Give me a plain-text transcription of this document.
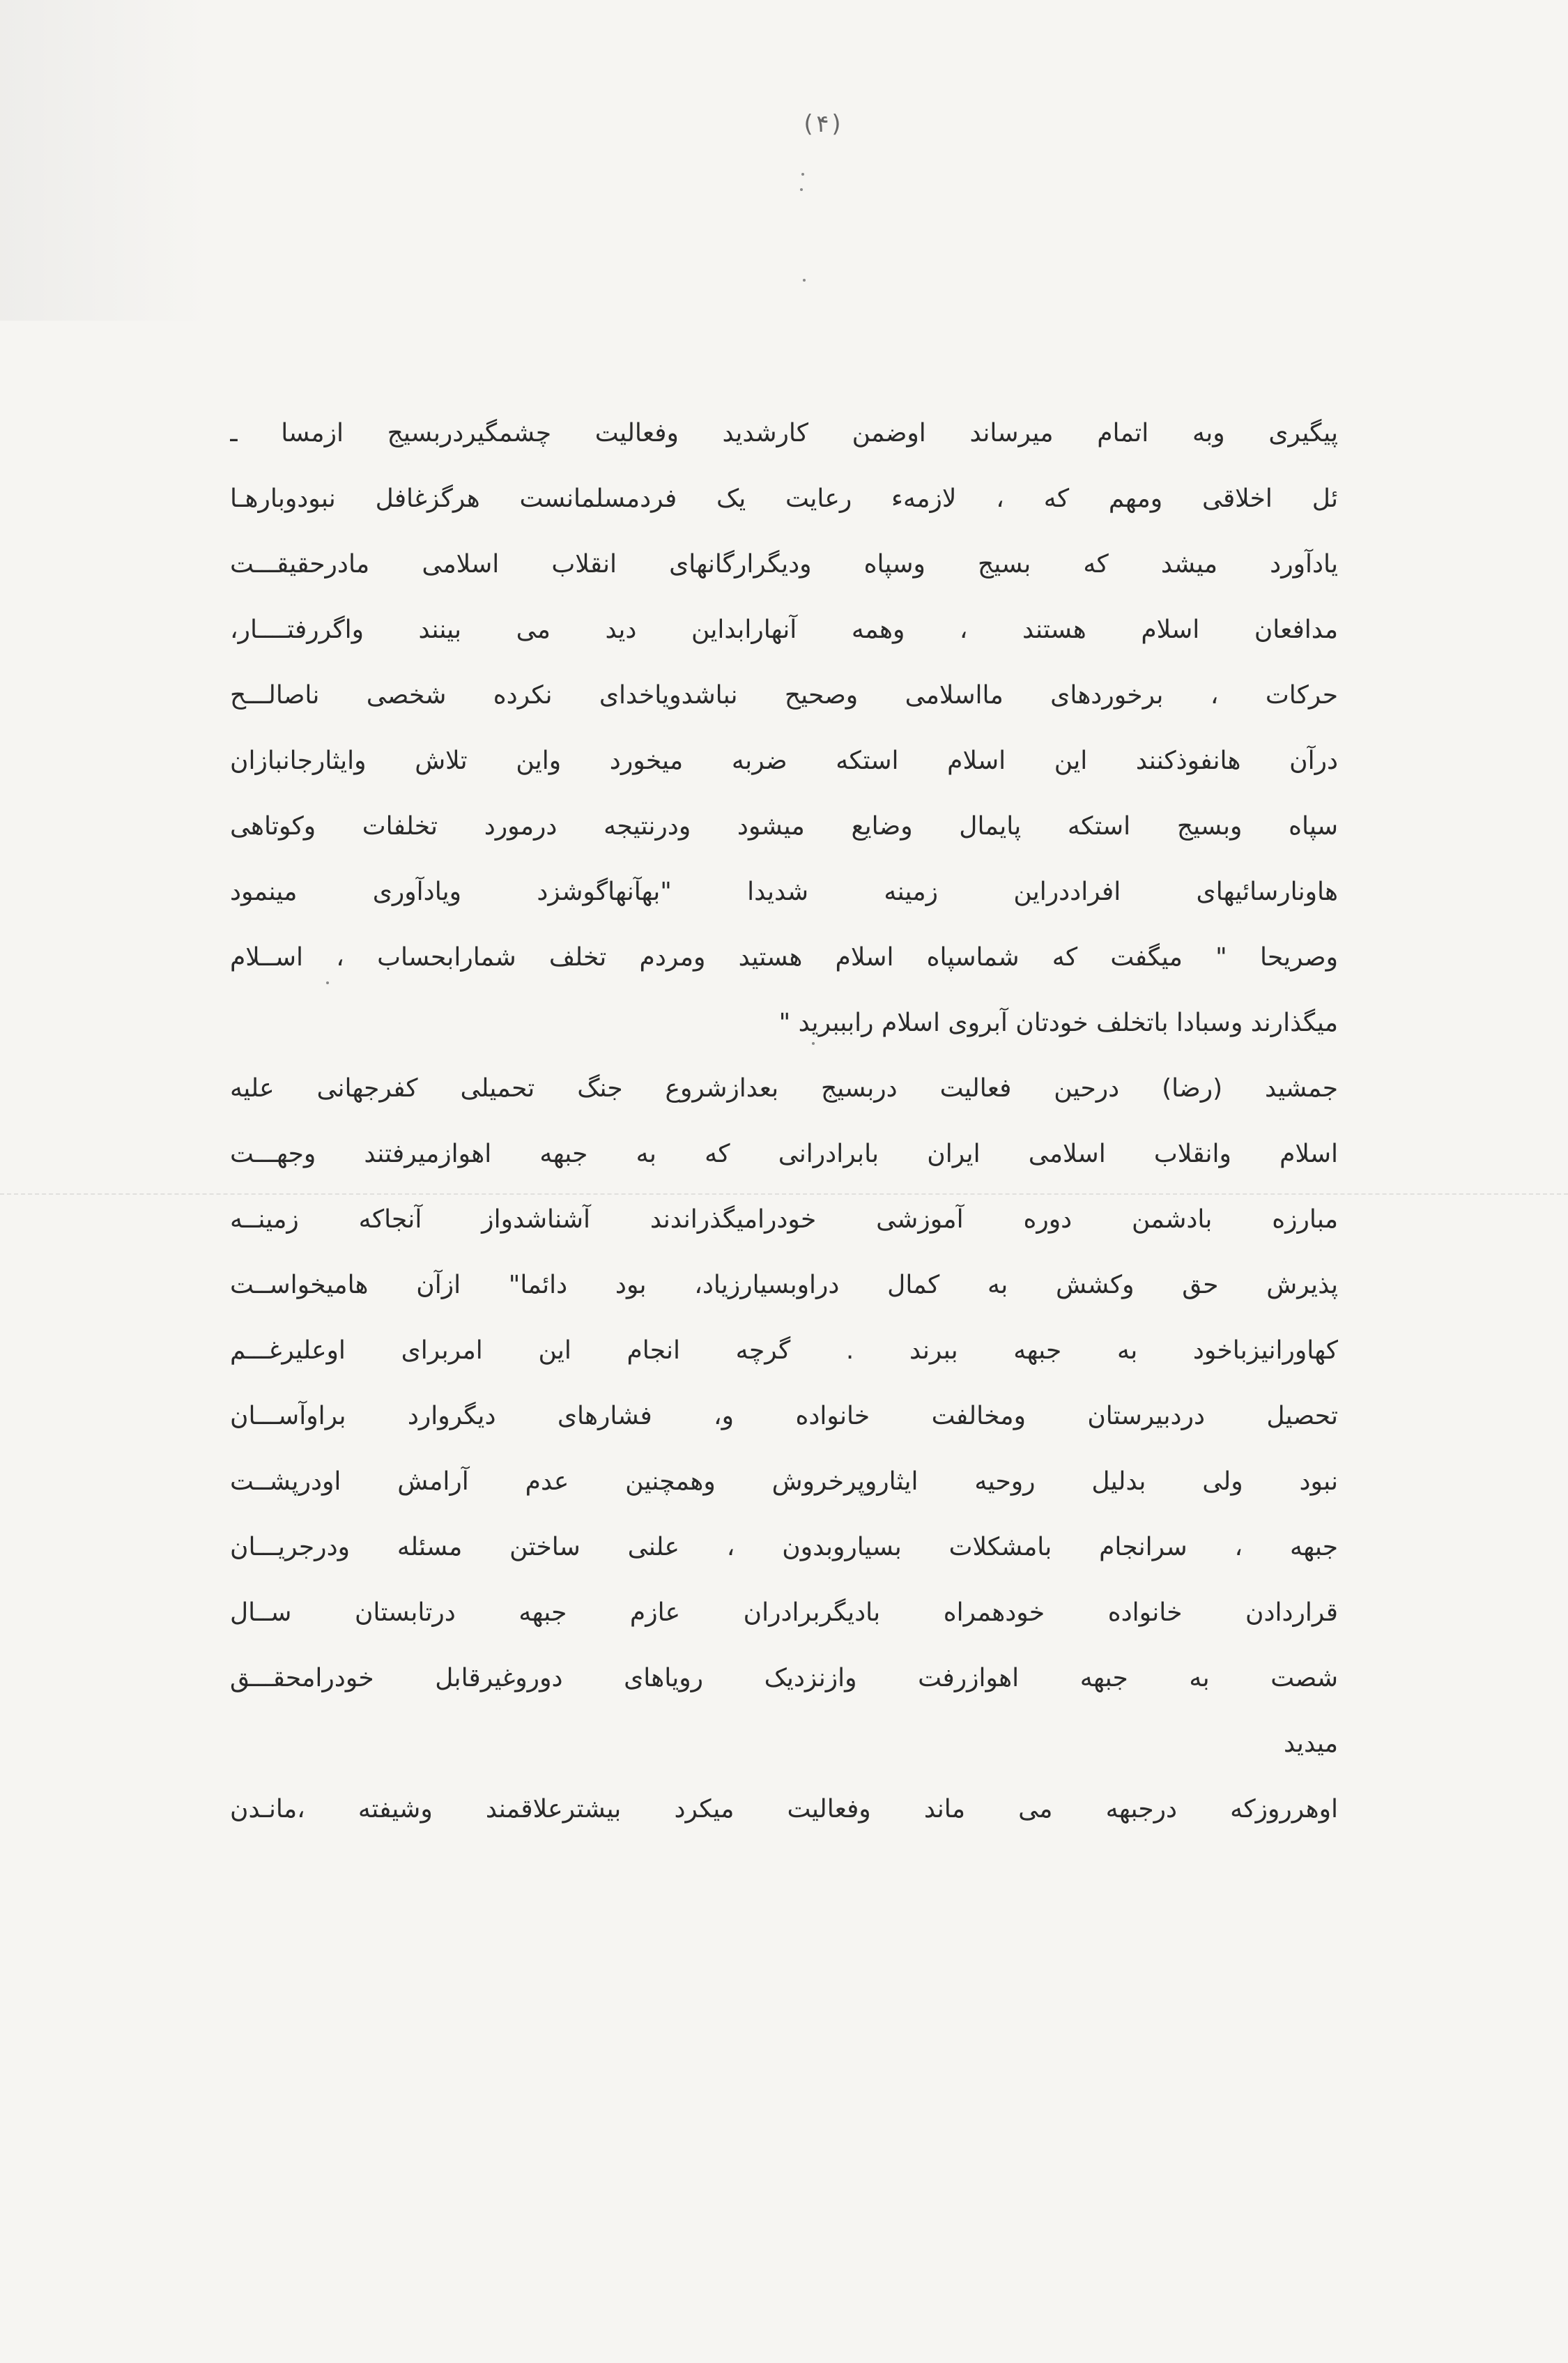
(۴)
پیگیری وبه اتمام میرساند اوضمن کارشدید وفعالیت چشمگیردربسیج ازمسا ـ
ئل اخلاقی ومهم که ، لازمهء رعایت یک فردمسلمانست هرگزغافل نبودوبارهـا
یادآورد میشد که بسیج وسپاه ودیگرارگانهای انقلاب اسلامی مادرحقیقـــت
مدافعان اسلام هستند ، وهمه آنهارابداین دید می بینند واگررفتــــار،
حرکات ، برخوردهای مااسلامی وصحیح نباشدویاخدای نکرده شخصی ناصالـــح
درآن هانفوذکنند این اسلام استکه ضربه میخورد واین تلاش وایثارجانبازان
سپاه وبسیج استکه پایمال وضایع میشود ودرنتیجه درمورد تخلفات وکوتاهی
هاونارسائیهای افراددراین زمینه شدیدا "بهآنهاگوشزد ویادآوری مینمود
وصریحا " میگفت که شماسپاه اسلام هستید ومردم تخلف شمارابحساب ، اســلام
میگذارند وسبادا باتخلف خودتان آبروی اسلام رابببرید "
جمشید (رضا) درحین فعالیت دربسیج بعدازشروع جنگ تحمیلی کفرجهانی علیه
اسلام وانقلاب اسلامی ایران بابرادرانی که به جبهه اهوازمیرفتند وجهـــت
مبارزه بادشمن دوره آموزشی خودرامیگذراندند آشناشدواز آنجاکه زمینــه
پذیرش حق وکشش به کمال دراوبسیارزیاد، بود دائما" ازآن هامیخواســت
کهاورانیزباخود به جبهه ببرند . گرچه انجام این امربرای اوعلیرغـــم
تحصیل دردبیرستان ومخالفت خانواده و، فشارهای دیگروارد براوآســـان
نبود ولی بدلیل روحیه ایثاروپرخروش وهمچنین عدم آرامش اودرپشــت
جبهه ، سرانجام بامشکلات بسیاروبدون ، علنی ساختن مسئله ودرجریـــان
قراردادن خانواده خودهمراه بادیگربرادران عازم جبهه درتابستان ســال
شصت به جبهه اهوازرفت وازنزدیک رویاهای دوروغیرقابل خودرامحقـــق
میدید
اوهرروزکه درجبهه می ماند وفعالیت میکرد بیشترعلاقمند وشیفته ،مانـدن
